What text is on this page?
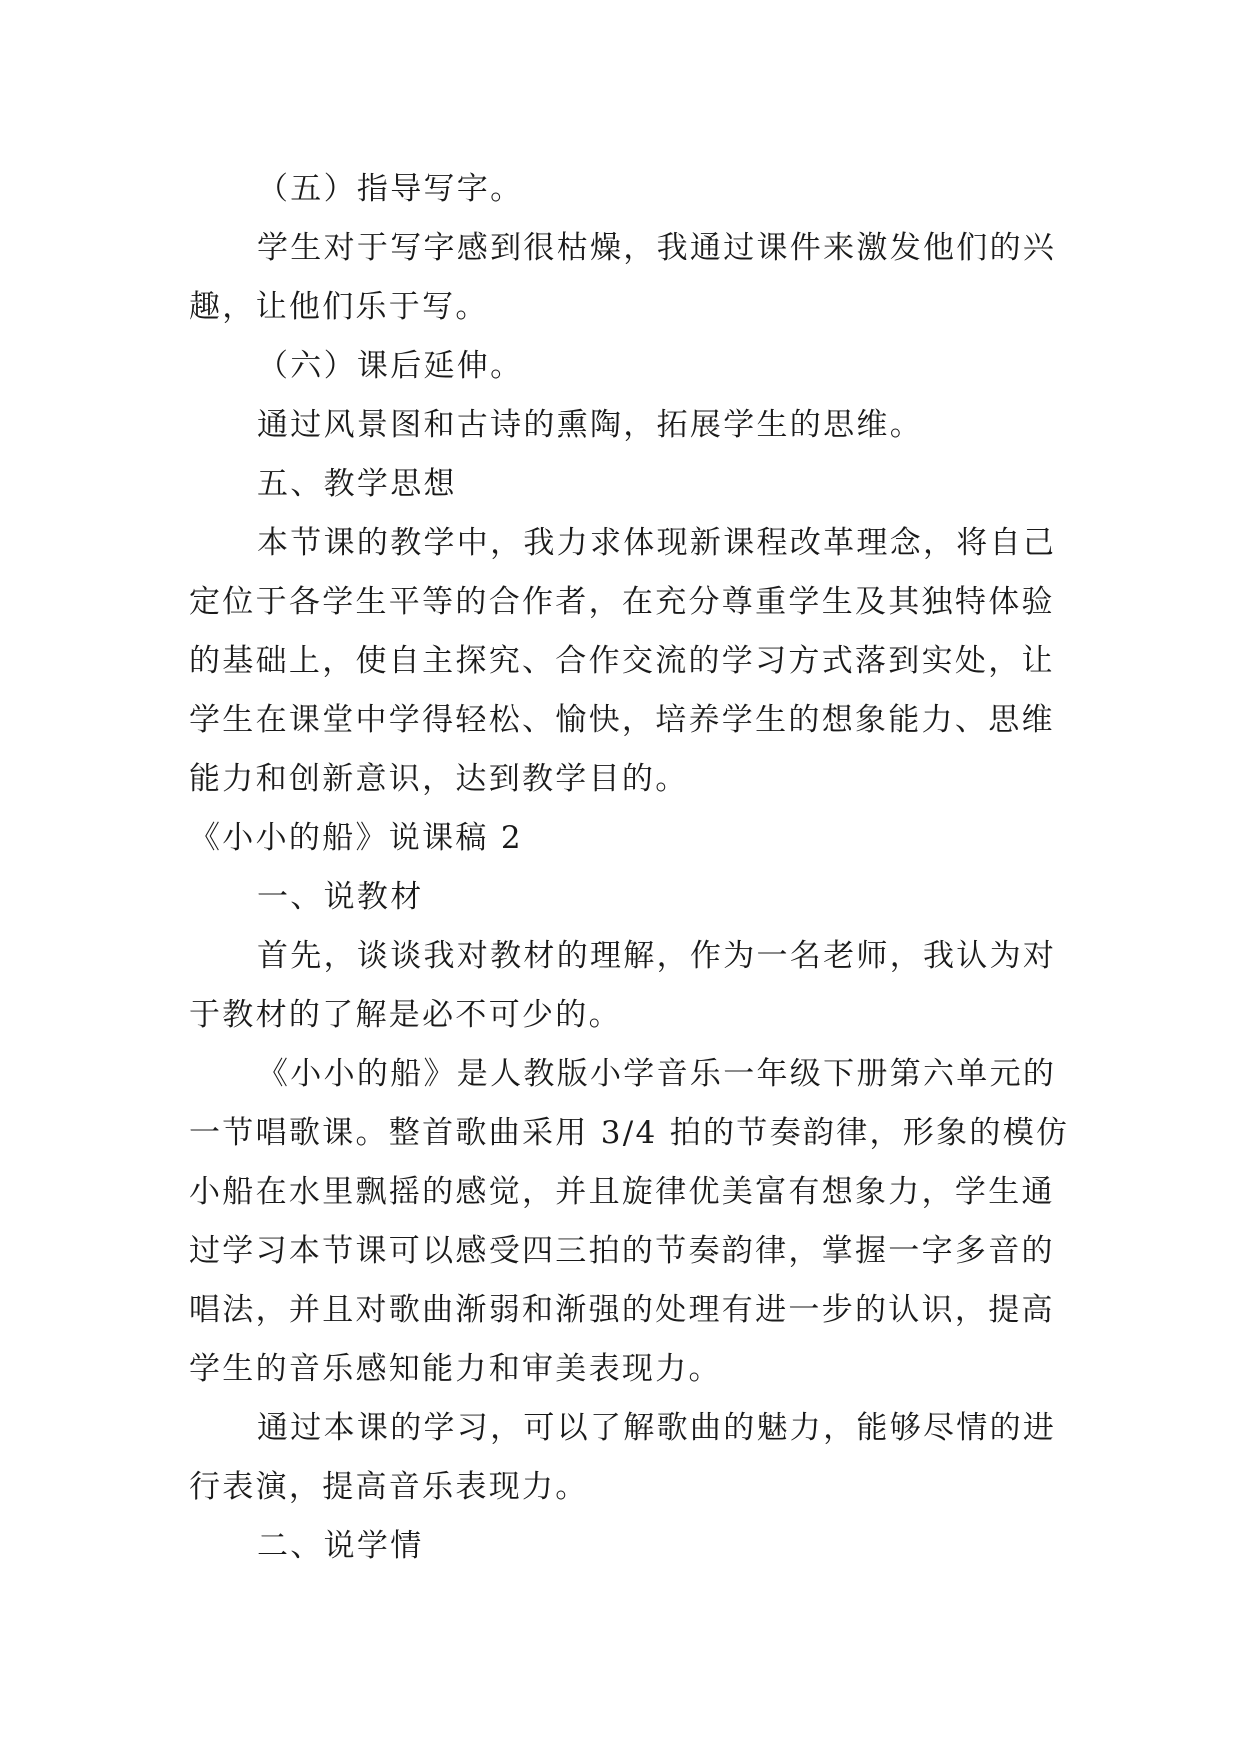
（五）指导写字。
学生对于写字感到很枯燥，我通过课件来激发他们的兴
趣，让他们乐于写。
（六）课后延伸。
通过风景图和古诗的熏陶，拓展学生的思维。
五、教学思想
本节课的教学中，我力求体现新课程改革理念，将自己
定位于各学生平等的合作者，在充分尊重学生及其独特体验
的基础上，使自主探究、合作交流的学习方式落到实处，让
学生在课堂中学得轻松、愉快，培养学生的想象能力、思维
能力和创新意识，达到教学目的。
《小小的船》说课稿 2
一、说教材
首先，谈谈我对教材的理解，作为一名老师，我认为对
于教材的了解是必不可少的。
《小小的船》是人教版小学音乐一年级下册第六单元的
一节唱歌课。整首歌曲采用 3/4 拍的节奏韵律，形象的模仿
小船在水里飘摇的感觉，并且旋律优美富有想象力，学生通
过学习本节课可以感受四三拍的节奏韵律，掌握一字多音的
唱法，并且对歌曲渐弱和渐强的处理有进一步的认识，提高
学生的音乐感知能力和审美表现力。
通过本课的学习，可以了解歌曲的魅力，能够尽情的进
行表演，提高音乐表现力。
二、说学情
